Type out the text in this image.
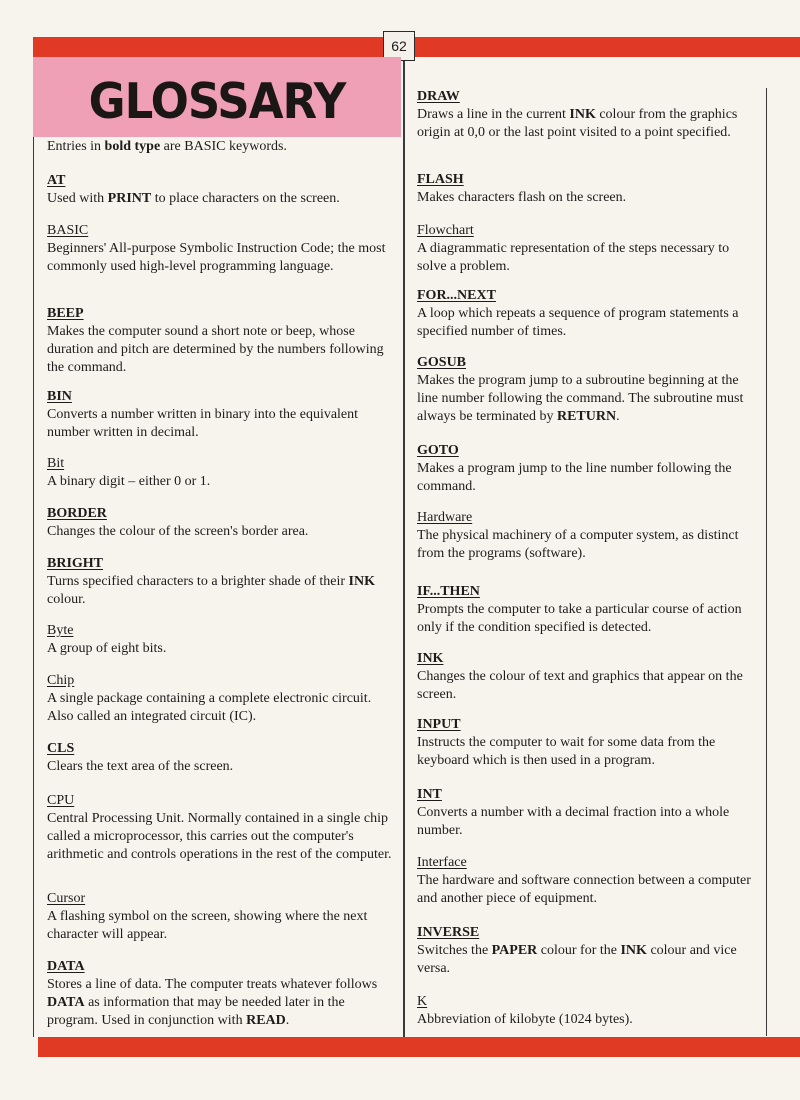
62
GLOSSARY
Entries in bold type are BASIC keywords.
AT
Used with PRINT to place characters on the screen.
BASIC
Beginners' All-purpose Symbolic Instruction Code; the most commonly used high-level programming language.
BEEP
Makes the computer sound a short note or beep, whose duration and pitch are determined by the numbers following the command.
BIN
Converts a number written in binary into the equivalent number written in decimal.
Bit
A binary digit – either 0 or 1.
BORDER
Changes the colour of the screen's border area.
BRIGHT
Turns specified characters to a brighter shade of their INK colour.
Byte
A group of eight bits.
Chip
A single package containing a complete electronic circuit. Also called an integrated circuit (IC).
CLS
Clears the text area of the screen.
CPU
Central Processing Unit. Normally contained in a single chip called a microprocessor, this carries out the computer's arithmetic and controls operations in the rest of the computer.
Cursor
A flashing symbol on the screen, showing where the next character will appear.
DATA
Stores a line of data. The computer treats whatever follows DATA as information that may be needed later in the program. Used in conjunction with READ.
DRAW
Draws a line in the current INK colour from the graphics origin at 0,0 or the last point visited to a point specified.
FLASH
Makes characters flash on the screen.
Flowchart
A diagrammatic representation of the steps necessary to solve a problem.
FOR...NEXT
A loop which repeats a sequence of program statements a specified number of times.
GOSUB
Makes the program jump to a subroutine beginning at the line number following the command. The subroutine must always be terminated by RETURN.
GOTO
Makes a program jump to the line number following the command.
Hardware
The physical machinery of a computer system, as distinct from the programs (software).
IF...THEN
Prompts the computer to take a particular course of action only if the condition specified is detected.
INK
Changes the colour of text and graphics that appear on the screen.
INPUT
Instructs the computer to wait for some data from the keyboard which is then used in a program.
INT
Converts a number with a decimal fraction into a whole number.
Interface
The hardware and software connection between a computer and another piece of equipment.
INVERSE
Switches the PAPER colour for the INK colour and vice versa.
K
Abbreviation of kilobyte (1024 bytes).
